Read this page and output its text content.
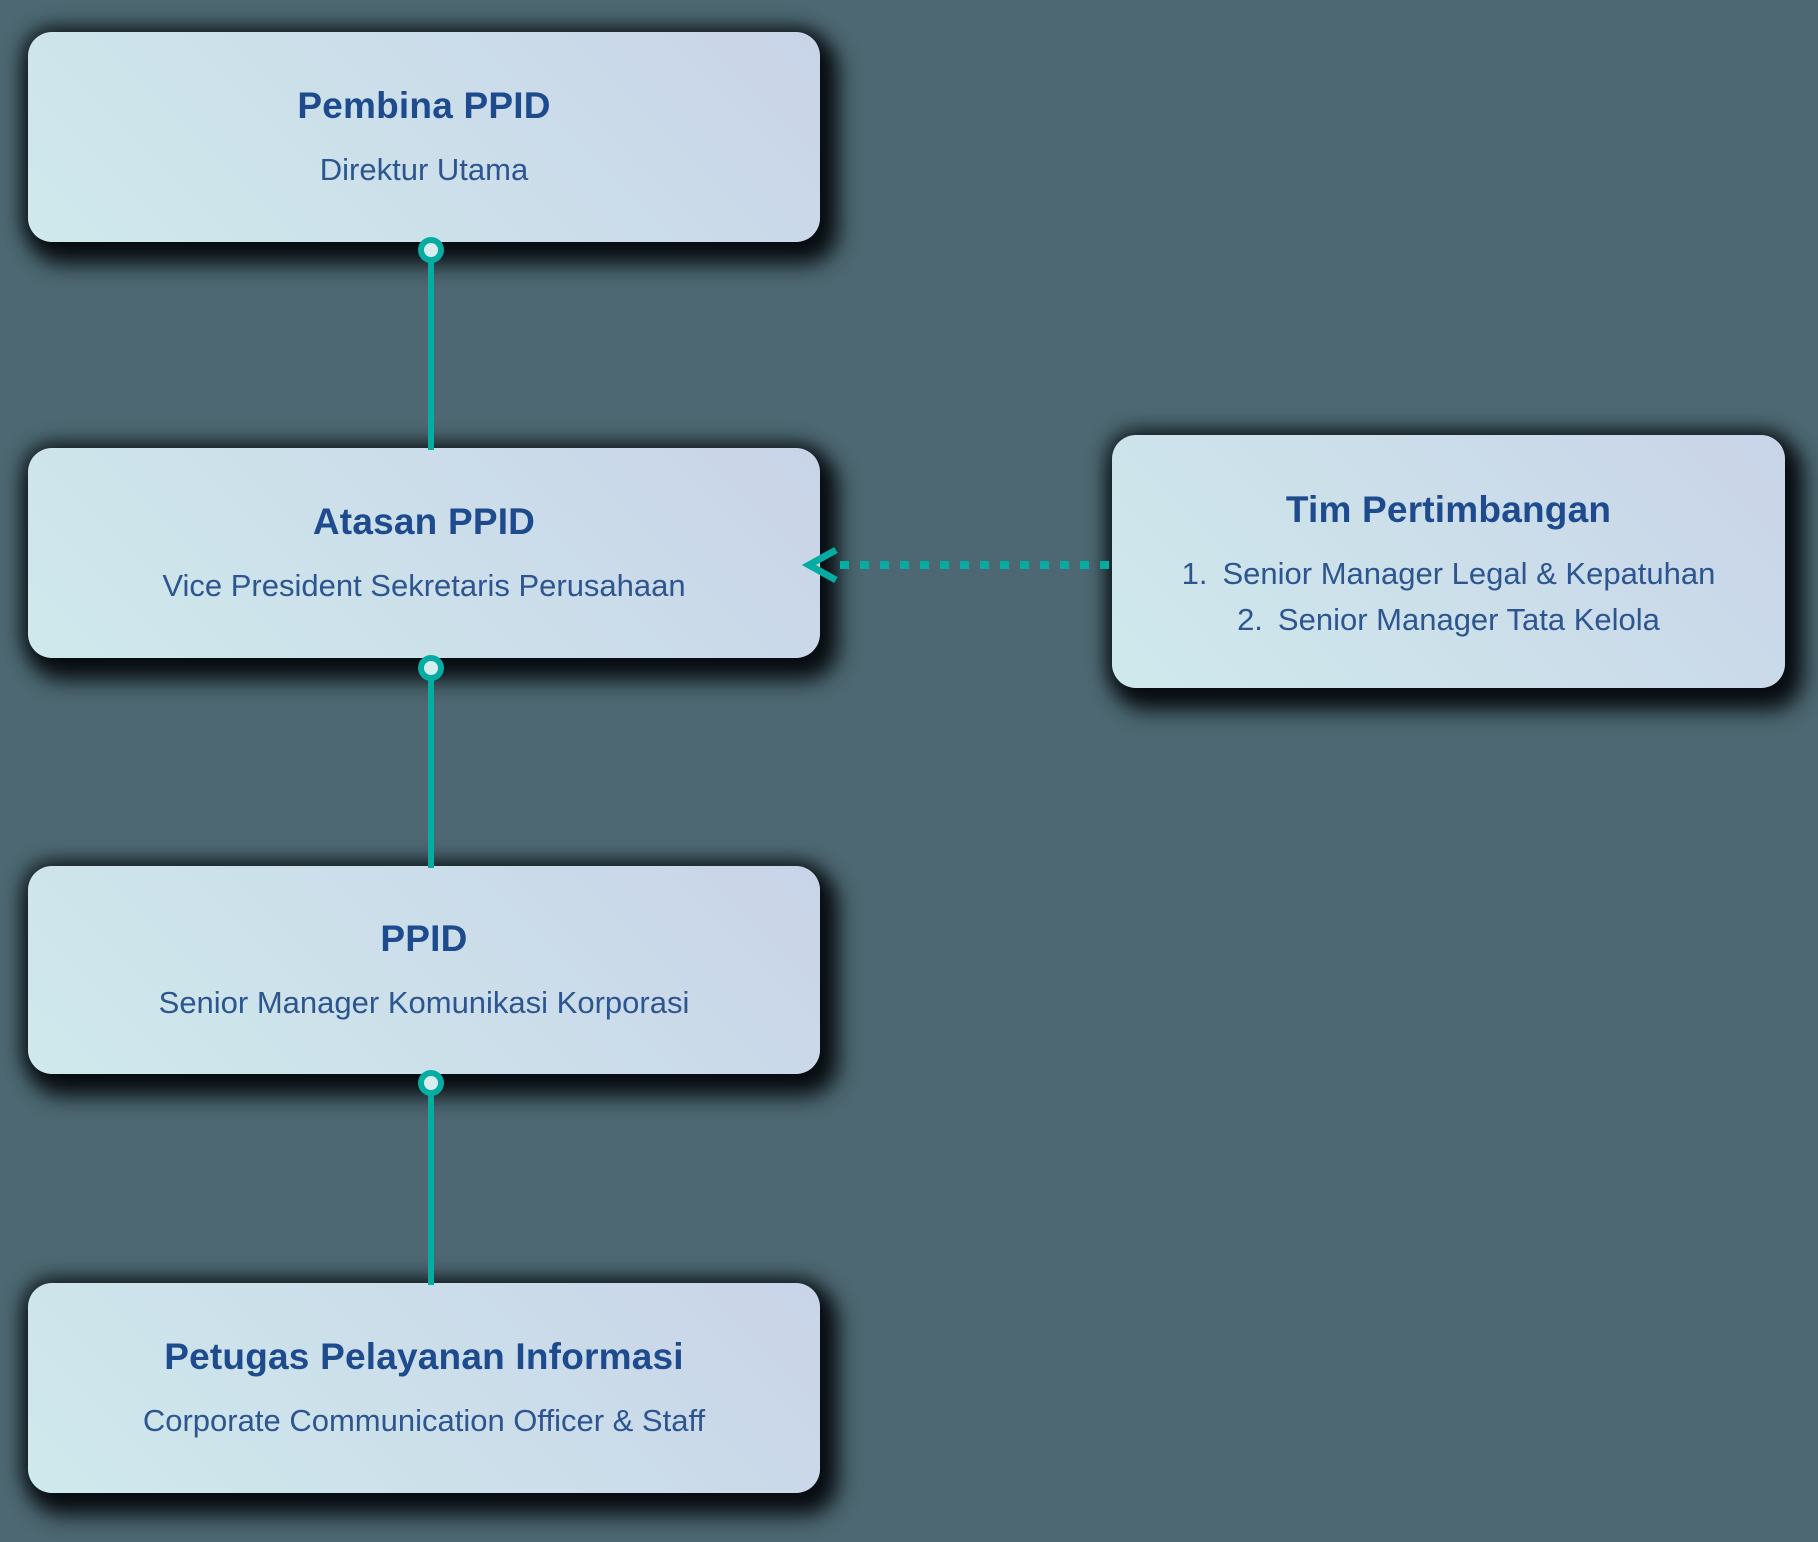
Pembina PPID
Direktur Utama
Atasan PPID
Vice President Sekretaris Perusahaan
Tim Pertimbangan
1. Senior Manager Legal & Kepatuhan
2. Senior Manager Tata Kelola
PPID
Senior Manager Komunikasi Korporasi
Petugas Pelayanan Informasi
Corporate Communication Officer & Staff
